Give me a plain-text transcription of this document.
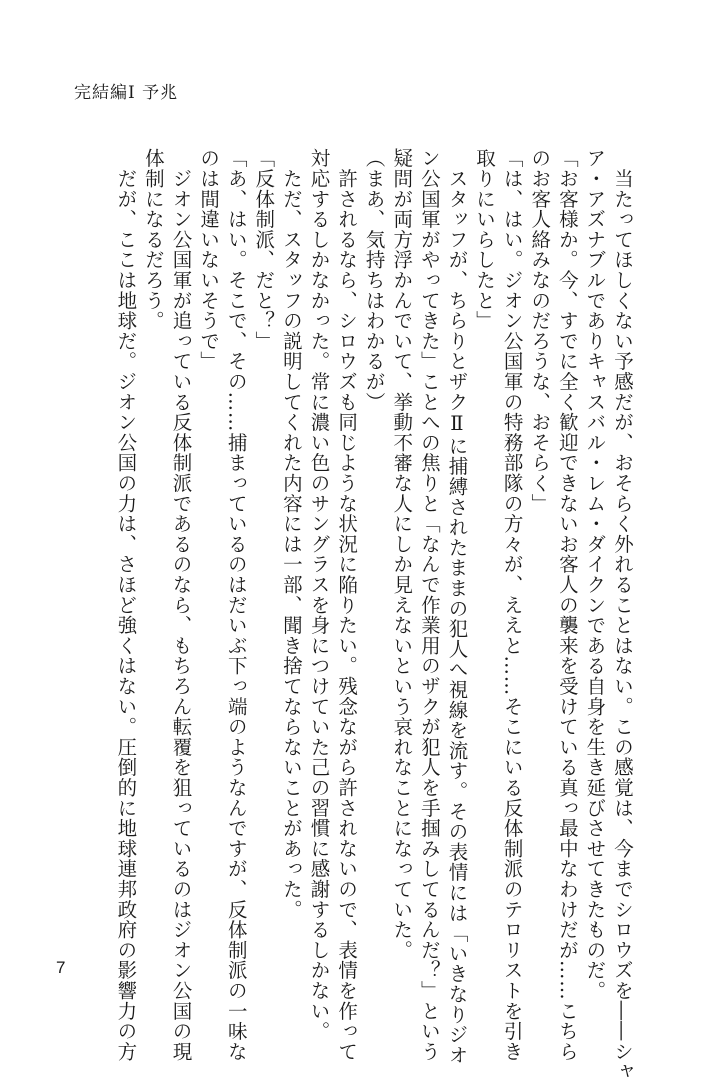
完結編Ⅰ 予兆
　当たってほしくない予感だが、おそらく外れることはない。この感覚は、今までシロウズを――シャ
ア・アズナブルでありキャスバル・レム・ダイクンである自身を生き延びさせてきたものだ。
「お客様か。今、すでに全く歓迎できないお客人の襲来を受けている真っ最中なわけだが……こちら
のお客人絡みなのだろうな、おそらく」
「は、はい。ジオン公国軍の特務部隊の方々が、ええと……そこにいる反体制派のテロリストを引き
取りにいらしたと」
　スタッフが、ちらりとザクⅡに捕縛されたままの犯人へ視線を流す。その表情には「いきなりジオ
ン公国軍がやってきた」ことへの焦りと「なんで作業用のザクが犯人を手掴みしてるんだ？」という
疑問が両方浮かんでいて、挙動不審な人にしか見えないという哀れなことになっていた。
（まあ、気持ちはわかるが）
　許されるなら、シロウズも同じような状況に陥りたい。残念ながら許されないので、表情を作って
対応するしかなかった。常に濃い色のサングラスを身につけていた己の習慣に感謝するしかない。
　ただ、スタッフの説明してくれた内容には一部、聞き捨てならないことがあった。
「反体制派、だと？」
「あ、はい。そこで、その……捕まっているのはだいぶ下っ端のようなんですが、反体制派の一味な
のは間違いないそうで」
　ジオン公国軍が追っている反体制派であるのなら、もちろん転覆を狙っているのはジオン公国の現
体制になるだろう。
　だが、ここは地球だ。ジオン公国の力は、さほど強くはない。圧倒的に地球連邦政府の影響力の方
7
